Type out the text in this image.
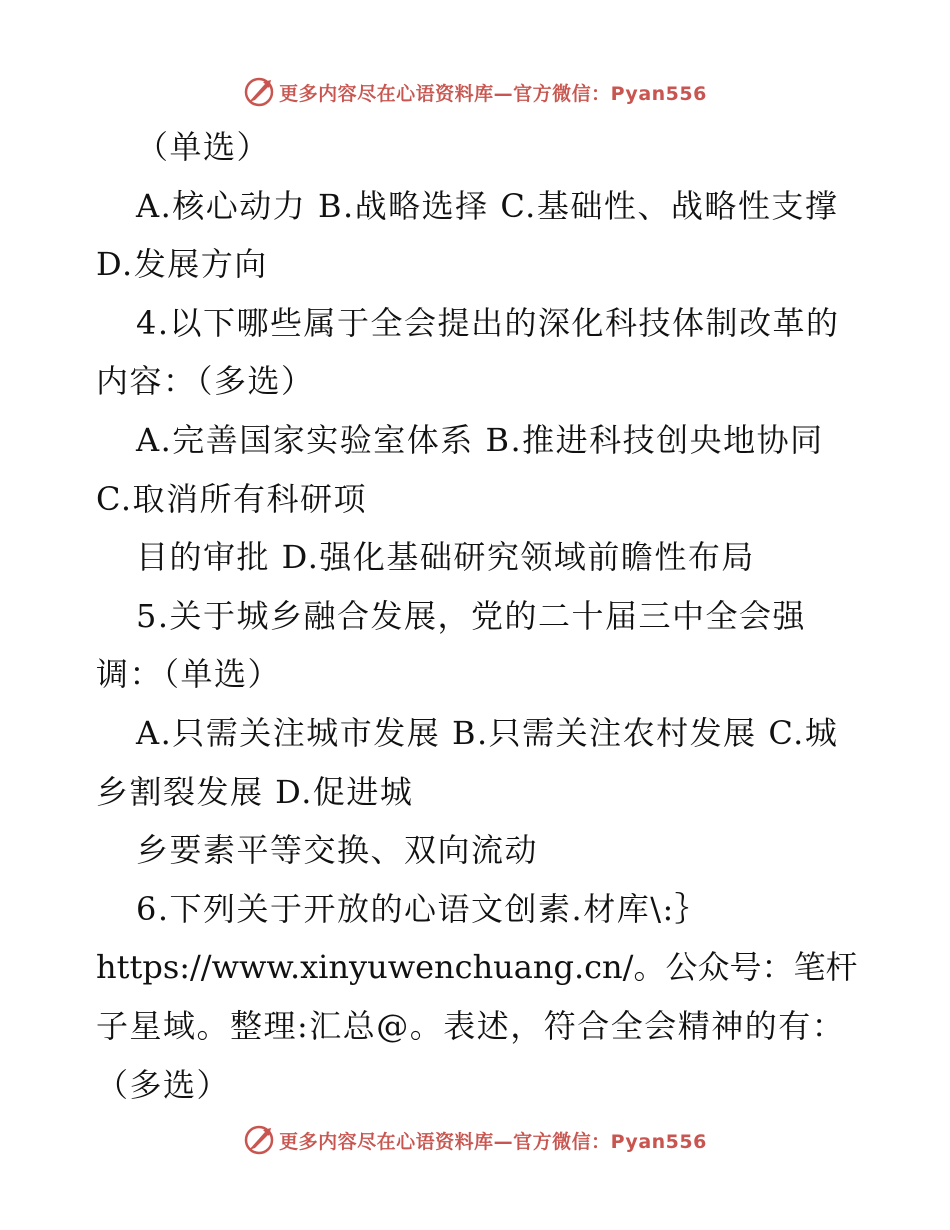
更多内容尽在心语资料库—官方微信：Pyan556
（单选）
A.核心动力 B.战略选择 C.基础性、战略性支撑
D.发展方向
4.以下哪些属于全会提出的深化科技体制改革的
内容：（多选）
A.完善国家实验室体系 B.推进科技创央地协同
C.取消所有科研项
目的审批 D.强化基础研究领域前瞻性布局
5.关于城乡融合发展，党的二十届三中全会强
调：（单选）
A.只需关注城市发展 B.只需关注农村发展 C.城
乡割裂发展 D.促进城
乡要素平等交换、双向流动
6.下列关于开放的心语文创素.材库\:｝
https://www.xinyuwenchuang.cn/。公众号：笔杆
子星域。整理:汇总@。表述，符合全会精神的有：
（多选）
更多内容尽在心语资料库—官方微信：Pyan556
